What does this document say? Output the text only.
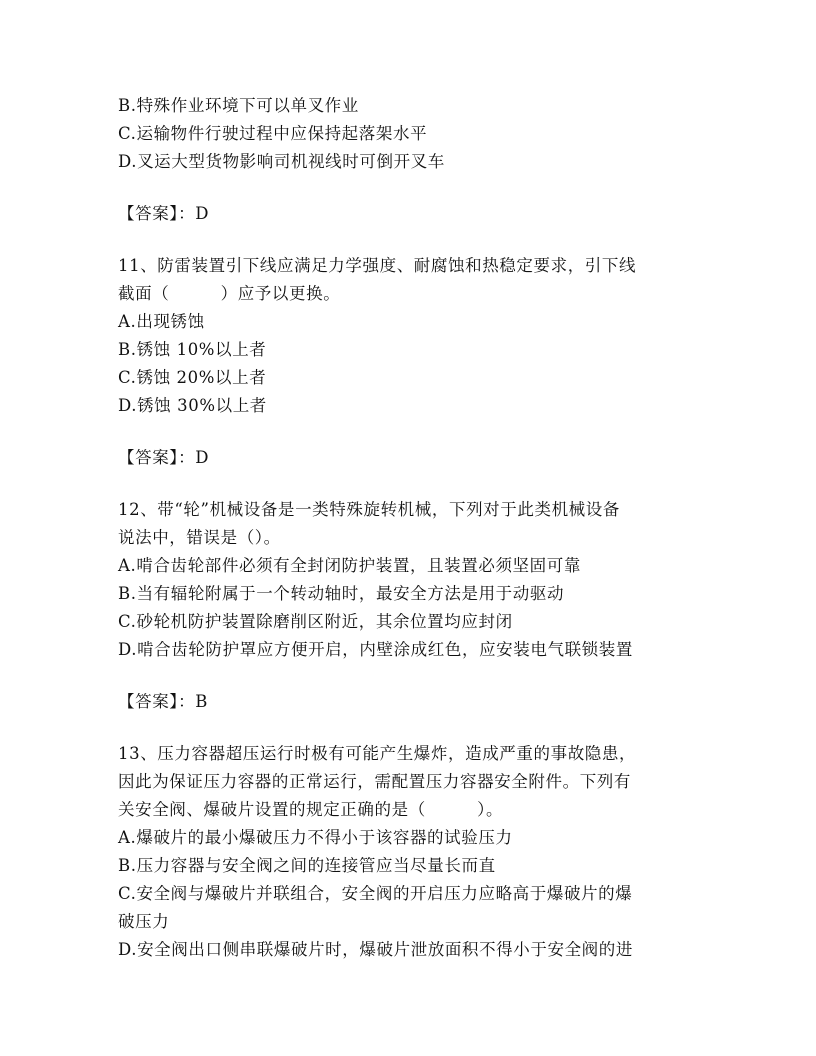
B.特殊作业环境下可以单叉作业
C.运输物件行驶过程中应保持起落架水平
D.叉运大型货物影响司机视线时可倒开叉车
【答案】：D
11、防雷装置引下线应满足力学强度、耐腐蚀和热稳定要求，引下线
截面（　　　）应予以更换。
A.出现锈蚀
B.锈蚀 10%以上者
C.锈蚀 20%以上者
D.锈蚀 30%以上者
【答案】：D
12、带“轮”机械设备是一类特殊旋转机械，下列对于此类机械设备
说法中，错误是（）。
A.啃合齿轮部件必须有全封闭防护装置，且装置必须坚固可靠
B.当有辐轮附属于一个转动轴时，最安全方法是用于动驱动
C.砂轮机防护装置除磨削区附近，其余位置均应封闭
D.啃合齿轮防护罩应方便开启，内壁涂成红色，应安装电气联锁装置
【答案】：B
13、压力容器超压运行时极有可能产生爆炸，造成严重的事故隐患，
因此为保证压力容器的正常运行，需配置压力容器安全附件。下列有
关安全阀、爆破片设置的规定正确的是（　　　）。
A.爆破片的最小爆破压力不得小于该容器的试验压力
B.压力容器与安全阀之间的连接管应当尽量长而直
C.安全阀与爆破片并联组合，安全阀的开启压力应略高于爆破片的爆
破压力
D.安全阀出口侧串联爆破片时，爆破片泄放面积不得小于安全阀的进
